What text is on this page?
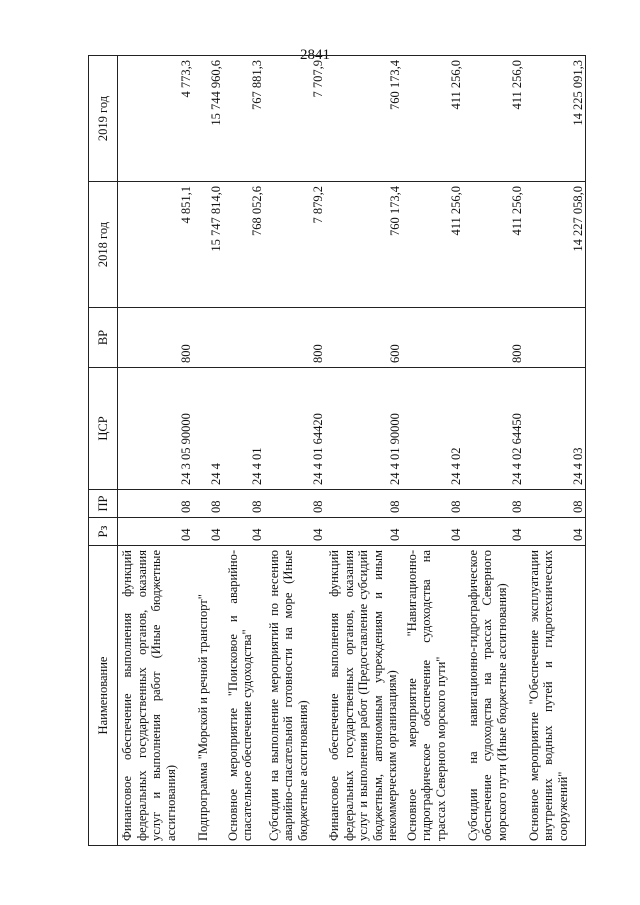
2841
Наименование	Рз	ПР	ЦСР	ВР	2018 год	2019 год
Финансовое обеспечение выполнения функций федеральных государственных органов, оказания услуг и выполнения работ (Иные бюджетные ассигнования)	04	08	24 3 05 90000	800	4 851,1	4 773,3
Подпрограмма "Морской и речной транспорт"	04	08	24 4		15 747 814,0	15 744 960,6
Основное мероприятие "Поисковое и аварийно-спасательное обеспечение судоходства"	04	08	24 4 01		768 052,6	767 881,3
Субсидии на выполнение мероприятий по несению аварийно-спасательной готовности на море (Иные бюджетные ассигнования)	04	08	24 4 01 64420	800	7 879,2	7 707,9
Финансовое обеспечение выполнения функций федеральных государственных органов, оказания услуг и выполнения работ (Предоставление субсидий бюджетным, автономным учреждениям и иным некоммерческим организациям)	04	08	24 4 01 90000	600	760 173,4	760 173,4
Основное мероприятие "Навигационно-гидрографическое обеспечение судоходства на трассах Северного морского пути"	04	08	24 4 02		411 256,0	411 256,0
Субсидии на навигационно-гидрографическое обеспечение судоходства на трассах Северного морского пути (Иные бюджетные ассигнования)	04	08	24 4 02 64450	800	411 256,0	411 256,0
Основное мероприятие "Обеспечение эксплуатации внутренних водных путей и гидротехнических сооружений"	04	08	24 4 03		14 227 058,0	14 225 091,3
